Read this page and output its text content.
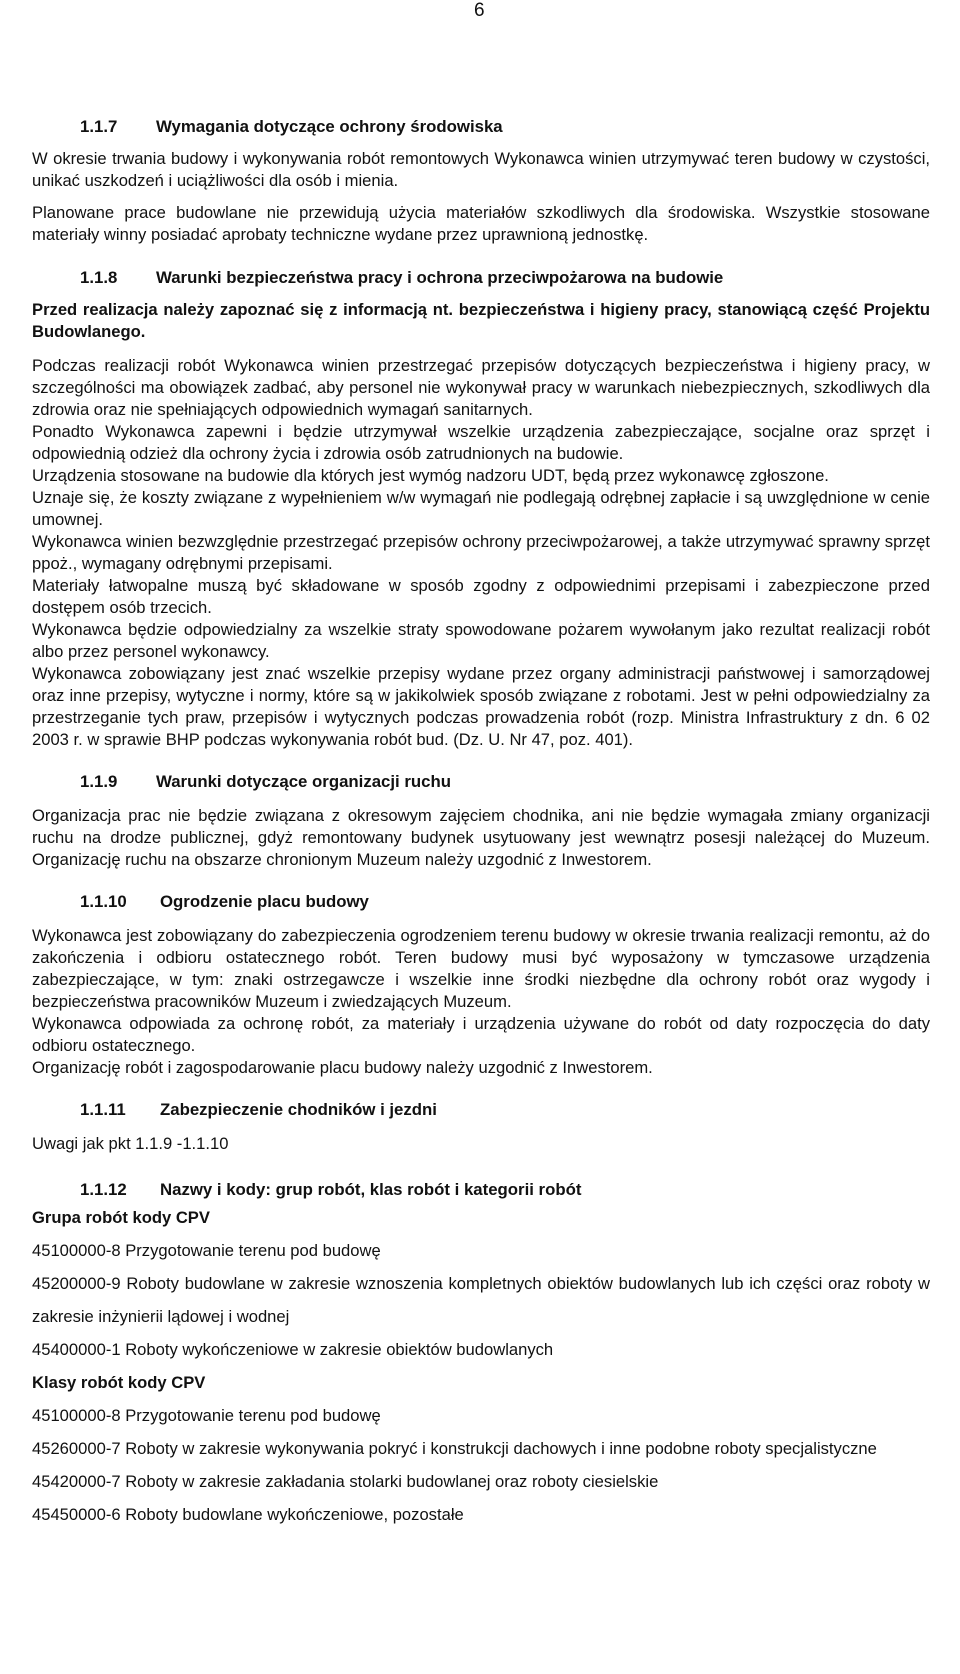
6
1.1.7	Wymagania dotyczące ochrony środowiska

W okresie trwania budowy i wykonywania robót remontowych Wykonawca winien utrzymywać teren budowy w czystości, unikać uszkodzeń i uciążliwości dla osób i mienia.

Planowane prace budowlane nie przewidują użycia materiałów szkodliwych dla środowiska. Wszystkie stosowane materiały winny posiadać aprobaty techniczne wydane przez uprawnioną jednostkę.

1.1.8	Warunki bezpieczeństwa pracy i ochrona przeciwpożarowa na budowie

Przed realizacja należy zapoznać się z informacją nt. bezpieczeństwa i higieny pracy, stanowiącą część Projektu Budowlanego.

Podczas realizacji robót Wykonawca winien przestrzegać przepisów dotyczących bezpieczeństwa i higieny pracy, w szczególności ma obowiązek zadbać, aby personel nie wykonywał pracy w warunkach niebezpiecznych, szkodliwych dla zdrowia oraz nie spełniających odpowiednich wymagań sanitarnych.

Ponadto Wykonawca zapewni i będzie utrzymywał wszelkie urządzenia zabezpieczające, socjalne oraz sprzęt i odpowiednią odzież dla ochrony życia i zdrowia osób zatrudnionych na budowie.

Urządzenia stosowane na budowie dla których jest wymóg nadzoru UDT, będą przez wykonawcę zgłoszone.

Uznaje się, że koszty związane z wypełnieniem w/w wymagań nie podlegają odrębnej zapłacie i są uwzględnione w cenie umownej.

Wykonawca winien bezwzględnie przestrzegać przepisów ochrony przeciwpożarowej, a także utrzymywać sprawny sprzęt ppoż., wymagany odrębnymi przepisami.

Materiały łatwopalne muszą być składowane w sposób zgodny z odpowiednimi przepisami i zabezpieczone przed dostępem osób trzecich.

Wykonawca będzie odpowiedzialny za wszelkie straty spowodowane pożarem wywołanym jako rezultat realizacji robót albo przez personel wykonawcy.

Wykonawca zobowiązany jest znać wszelkie przepisy wydane przez organy administracji państwowej i samorządowej oraz inne przepisy, wytyczne i normy, które są w jakikolwiek sposób związane z robotami. Jest w pełni odpowiedzialny za przestrzeganie tych praw, przepisów i wytycznych podczas prowadzenia robót (rozp. Ministra Infrastruktury z dn. 6 02 2003 r. w sprawie BHP podczas wykonywania robót bud. (Dz. U. Nr 47, poz. 401).

1.1.9	Warunki dotyczące organizacji ruchu

Organizacja prac nie będzie związana z okresowym zajęciem chodnika, ani nie będzie wymagała zmiany organizacji ruchu na drodze publicznej, gdyż remontowany budynek usytuowany jest wewnątrz posesji należącej do Muzeum. Organizację ruchu na obszarze chronionym Muzeum należy uzgodnić z Inwestorem.

1.1.10	Ogrodzenie placu budowy

Wykonawca jest zobowiązany do zabezpieczenia ogrodzeniem terenu budowy w okresie trwania realizacji remontu, aż do zakończenia i odbioru ostatecznego robót. Teren budowy musi być wyposażony w tymczasowe urządzenia zabezpieczające, w tym: znaki ostrzegawcze i wszelkie inne środki niezbędne dla ochrony robót oraz wygody i bezpieczeństwa pracowników Muzeum i zwiedzających Muzeum.

Wykonawca odpowiada za ochronę robót, za materiały i urządzenia używane do robót od daty rozpoczęcia do daty odbioru ostatecznego.

Organizację robót i zagospodarowanie placu budowy należy uzgodnić z Inwestorem.

1.1.11	Zabezpieczenie chodników i jezdni

Uwagi jak pkt 1.1.9 -1.1.10

1.1.12	Nazwy i kody: grup robót, klas robót i kategorii robót

Grupa robót kody CPV

45100000-8 Przygotowanie terenu pod budowę

45200000-9 Roboty budowlane w zakresie wznoszenia kompletnych obiektów budowlanych lub ich części oraz roboty w zakresie inżynierii lądowej i wodnej

45400000-1 Roboty wykończeniowe w zakresie obiektów budowlanych

Klasy robót kody CPV

45100000-8 Przygotowanie terenu pod budowę

45260000-7 Roboty w zakresie wykonywania pokryć i konstrukcji dachowych i inne podobne roboty specjalistyczne

45420000-7 Roboty w zakresie zakładania stolarki budowlanej oraz roboty ciesielskie

45450000-6 Roboty budowlane wykończeniowe, pozostałe
